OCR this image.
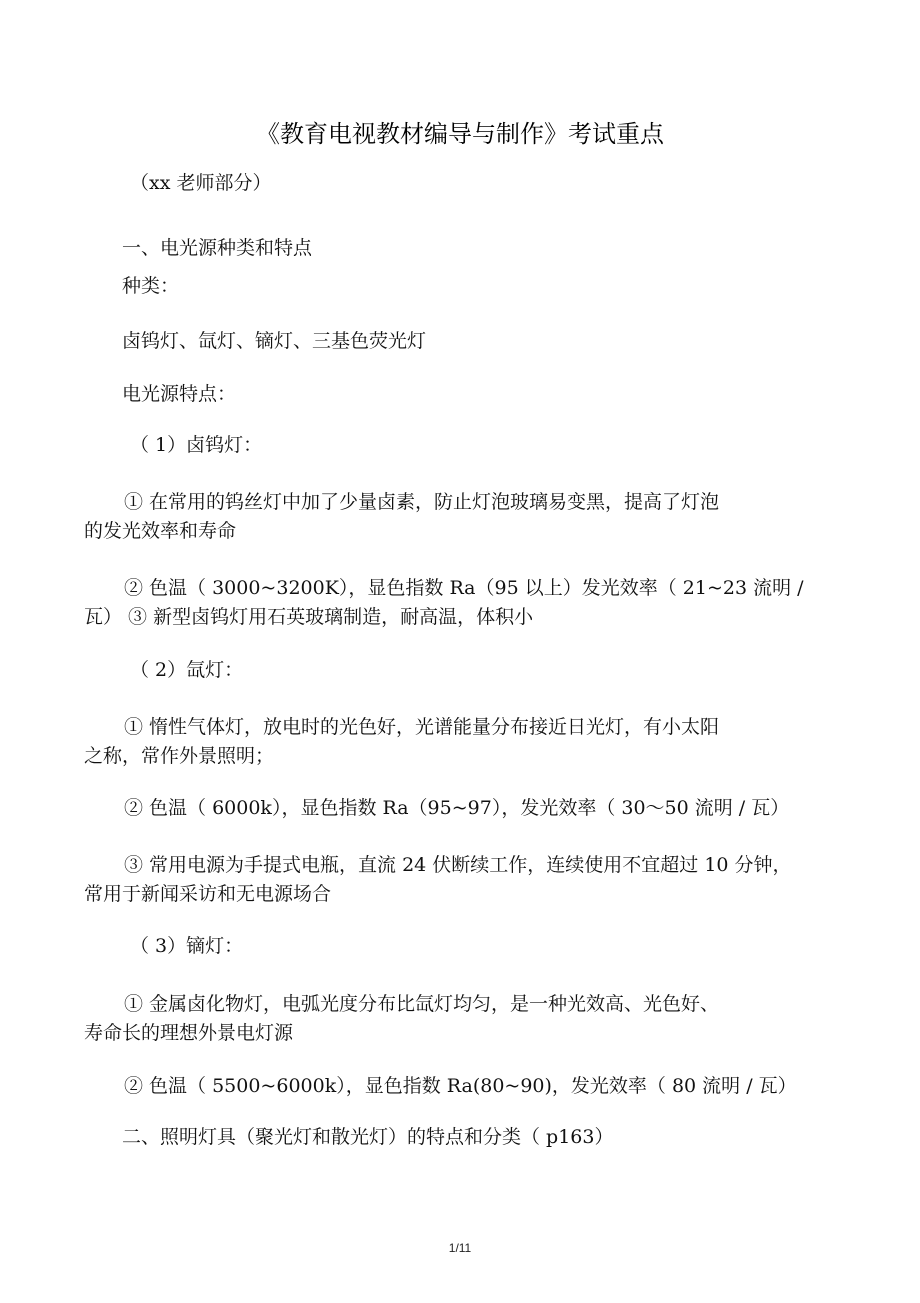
《教育电视教材编导与制作》考试重点
（xx 老师部分）
一、电光源种类和特点
种类：
卤钨灯、氙灯、镝灯、三基色荧光灯
电光源特点：
（ 1）卤钨灯：
① 在常用的钨丝灯中加了少量卤素，防止灯泡玻璃易变黑，提高了灯泡
的发光效率和寿命
② 色温（ 3000~3200K），显色指数 Ra（95 以上）发光效率（ 21~23 流明 /
瓦） ③ 新型卤钨灯用石英玻璃制造，耐高温，体积小
（ 2）氙灯：
① 惰性气体灯，放电时的光色好，光谱能量分布接近日光灯，有小太阳
之称，常作外景照明；
② 色温（ 6000k），显色指数 Ra（95~97），发光效率（ 30～50 流明 / 瓦）
③ 常用电源为手提式电瓶，直流 24 伏断续工作，连续使用不宜超过 10 分钟，
常用于新闻采访和无电源场合
（ 3）镝灯：
① 金属卤化物灯，电弧光度分布比氙灯均匀，是一种光效高、光色好、
寿命长的理想外景电灯源
② 色温（ 5500~6000k），显色指数 Ra(80~90)，发光效率（ 80 流明 / 瓦）
二、照明灯具（聚光灯和散光灯）的特点和分类（ p163）
1/11
